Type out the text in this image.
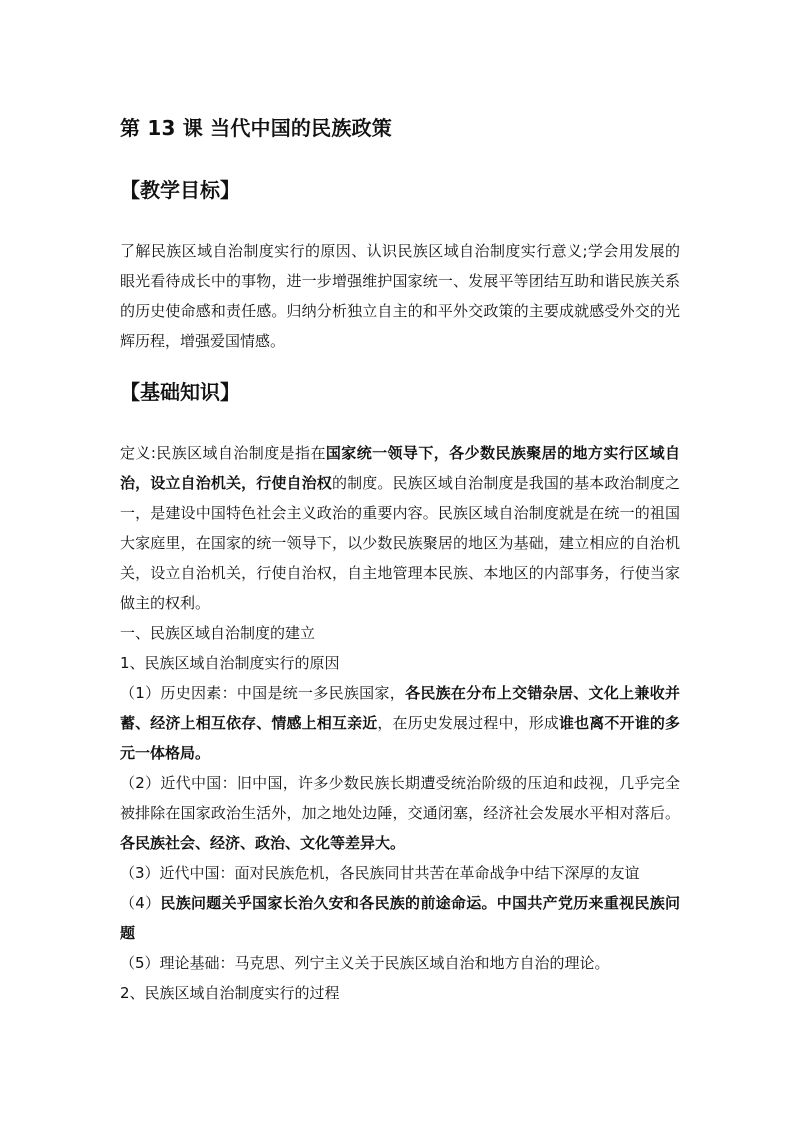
第 13 课 当代中国的民族政策
【教学目标】

了解民族区域自治制度实行的原因、认识民族区域自治制度实行意义;学会用发展的眼光看待成长中的事物，进一步增强维护国家统一、发展平等团结互助和谐民族关系的历史使命感和责任感。归纳分析独立自主的和平外交政策的主要成就感受外交的光辉历程，增强爱国情感。

【基础知识】

定义:民族区域自治制度是指在国家统一领导下，各少数民族聚居的地方实行区域自治，设立自治机关，行使自治权的制度。民族区域自治制度是我国的基本政治制度之一，是建设中国特色社会主义政治的重要内容。民族区域自治制度就是在统一的祖国大家庭里，在国家的统一领导下，以少数民族聚居的地区为基础，建立相应的自治机关，设立自治机关，行使自治权，自主地管理本民族、本地区的内部事务，行使当家做主的权利。

一、民族区域自治制度的建立

1、民族区域自治制度实行的原因

（1）历史因素：中国是统一多民族国家，各民族在分布上交错杂居、文化上兼收并蓄、经济上相互依存、情感上相互亲近，在历史发展过程中，形成谁也离不开谁的多元一体格局。

（2）近代中国：旧中国，许多少数民族长期遭受统治阶级的压迫和歧视，几乎完全被排除在国家政治生活外，加之地处边陲，交通闭塞，经济社会发展水平相对落后。各民族社会、经济、政治、文化等差异大。

（3）近代中国：面对民族危机，各民族同甘共苦在革命战争中结下深厚的友谊

（4）民族问题关乎国家长治久安和各民族的前途命运。中国共产党历来重视民族问题

（5）理论基础：马克思、列宁主义关于民族区域自治和地方自治的理论。

2、民族区域自治制度实行的过程
